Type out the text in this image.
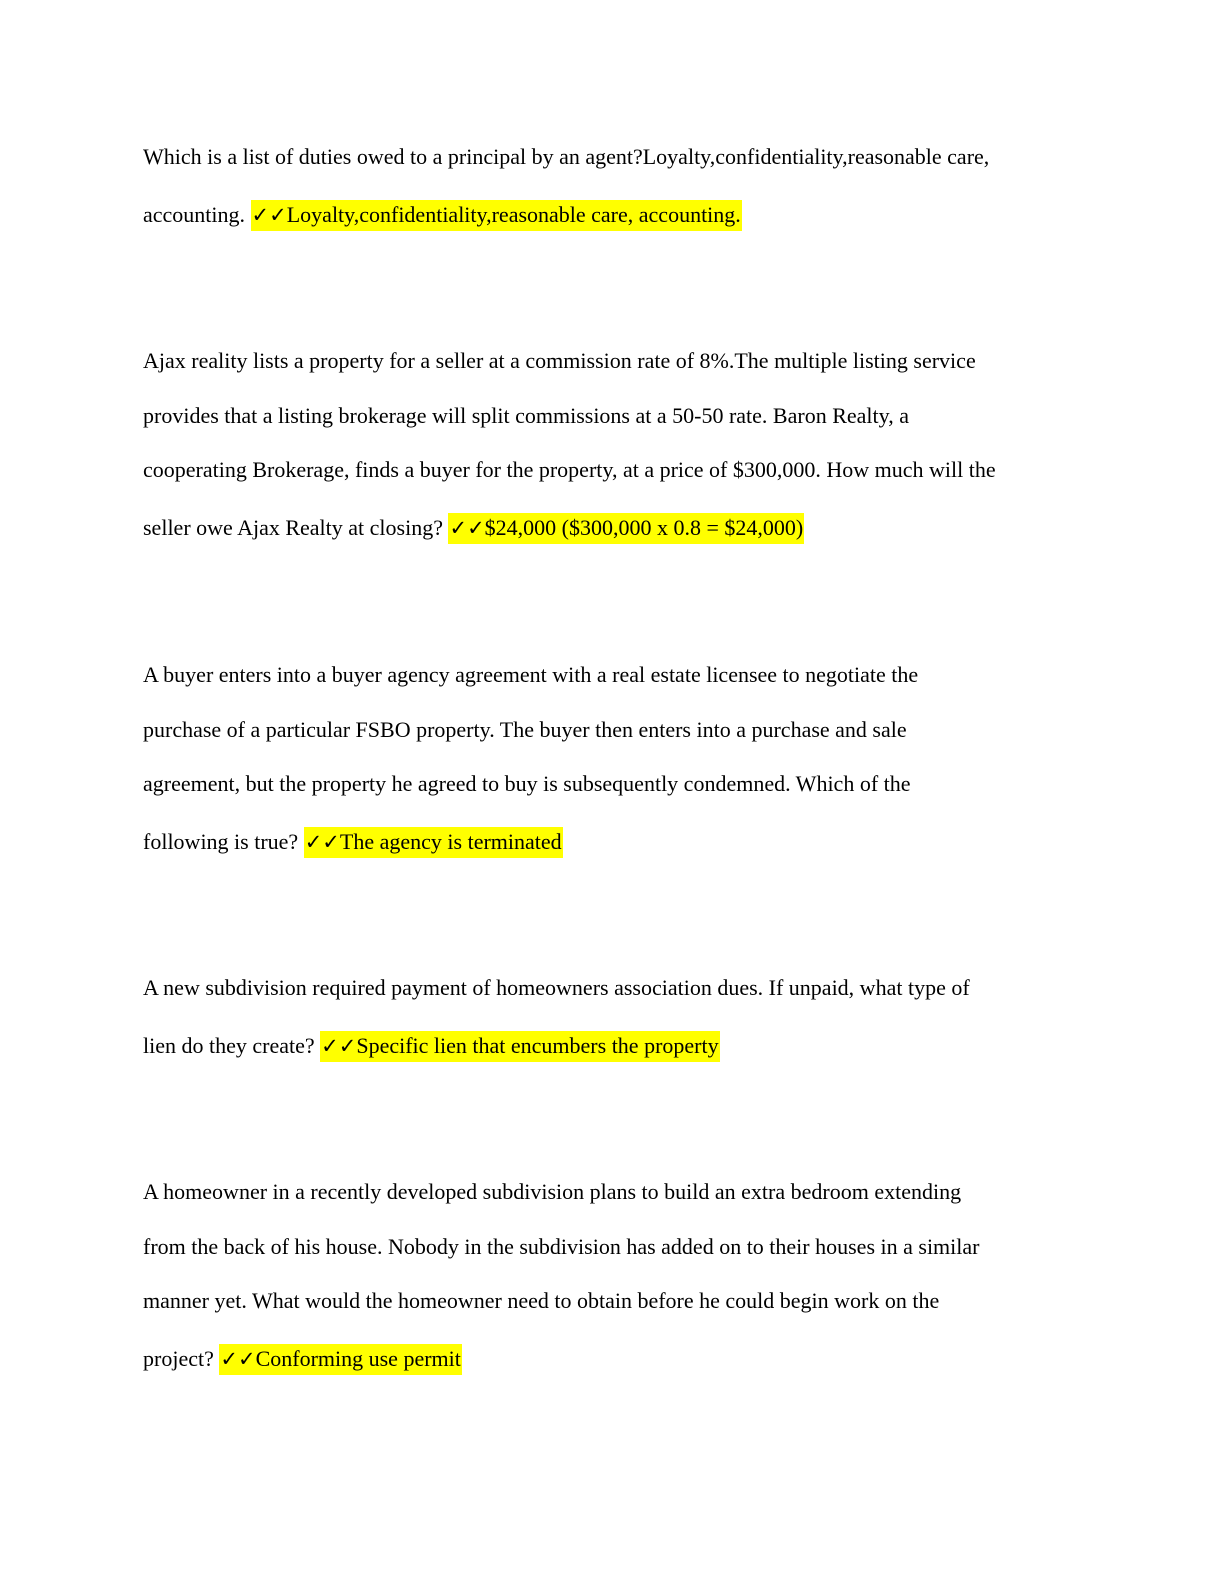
Which is a list of duties owed to a principal by an agent?Loyalty,confidentiality,reasonable care,
accounting. ✓✓Loyalty,confidentiality,reasonable care, accounting.
Ajax reality lists a property for a seller at a commission rate of 8%.The multiple listing service
provides that a listing brokerage will split commissions at a 50-50 rate. Baron Realty, a
cooperating Brokerage, finds a buyer for the property, at a price of $300,000. How much will the
seller owe Ajax Realty at closing? ✓✓$24,000 ($300,000 x 0.8 = $24,000)
A buyer enters into a buyer agency agreement with a real estate licensee to negotiate the
purchase of a particular FSBO property. The buyer then enters into a purchase and sale
agreement, but the property he agreed to buy is subsequently condemned. Which of the
following is true? ✓✓The agency is terminated
A new subdivision required payment of homeowners association dues. If unpaid, what type of
lien do they create? ✓✓Specific lien that encumbers the property
A homeowner in a recently developed subdivision plans to build an extra bedroom extending
from the back of his house. Nobody in the subdivision has added on to their houses in a similar
manner yet. What would the homeowner need to obtain before he could begin work on the
project? ✓✓Conforming use permit
